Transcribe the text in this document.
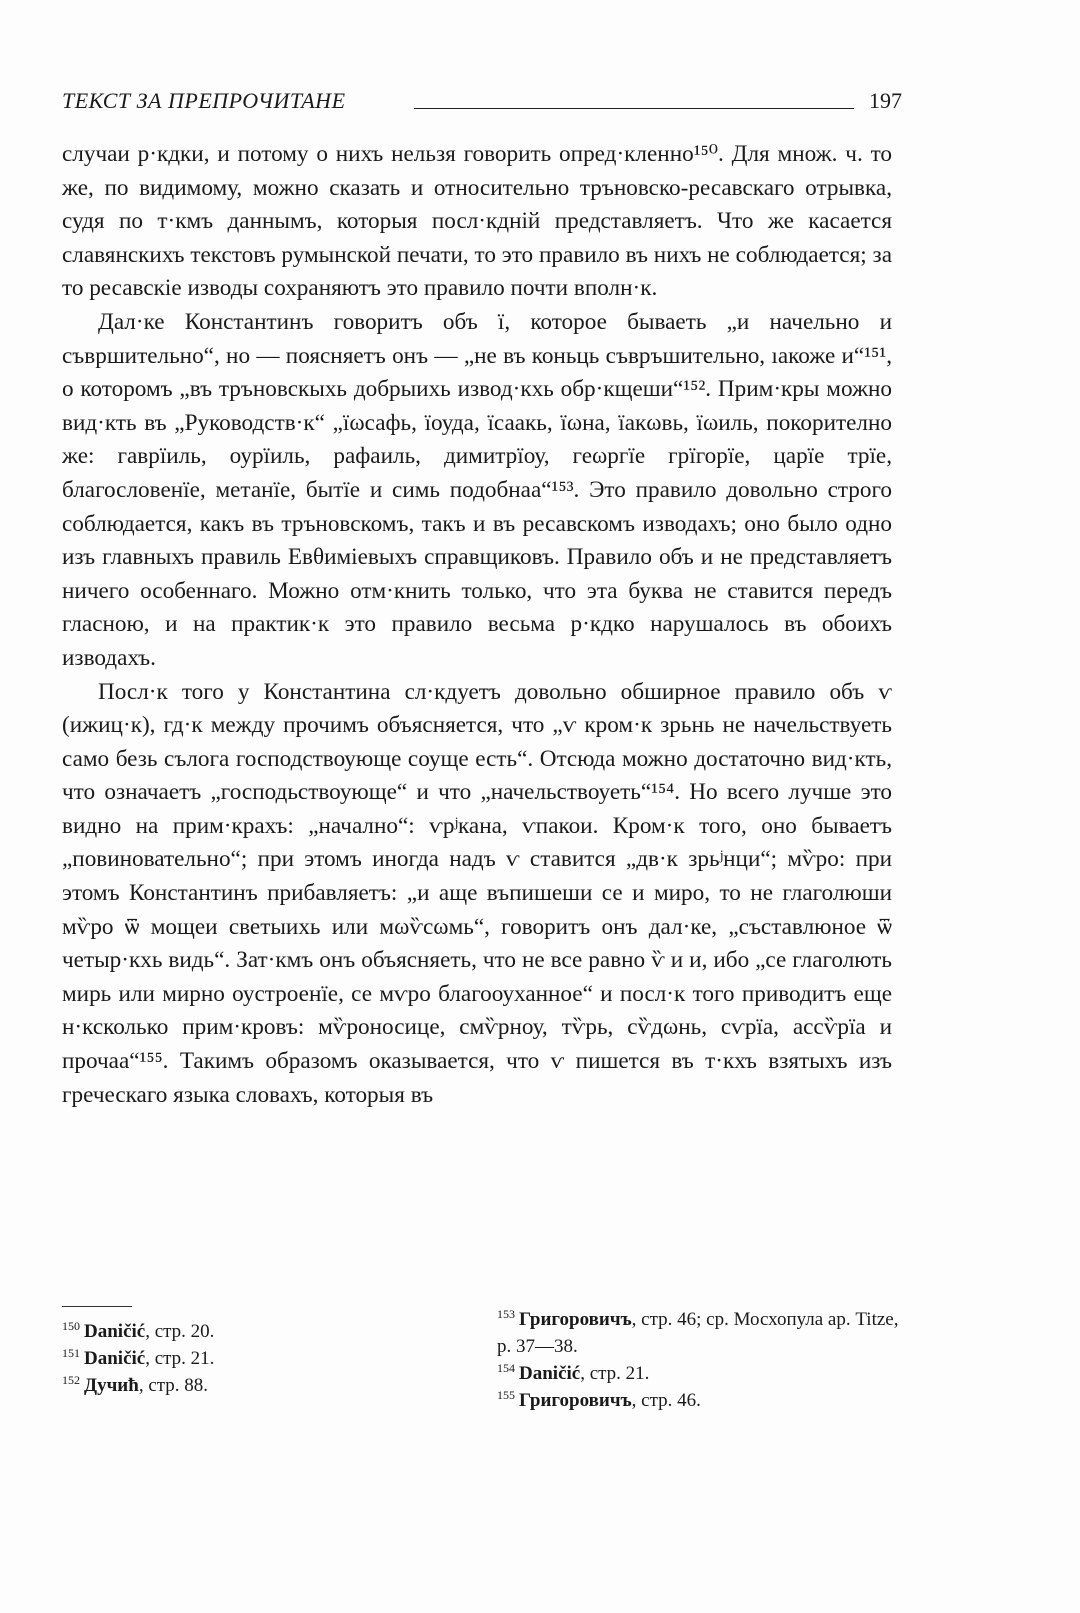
ТЕКСТ ЗА ПРЕПРОЧИТАНЕ	197

случаи р·кдки, и потому о нихъ нельзя говорить опред·кленно¹⁵⁰. Для множ. ч. то же, по видимому, можно сказать и относительно тръновско-ресавскаго отрывка, судя по т·кмъ даннымъ, которыя посл·кднiй представляетъ. Что же касается славянскихъ текстовъ румынской печати, то это правило въ нихъ не соблюдается; за то ресавскiе изводы сохраняютъ это правило почти вполн·к.

Дал·ке Константинъ говоритъ объ ï, которое бываеть „и начельно и съвршительно“, но — поясняетъ онъ — „не въ коньць съвръшительно, ıакоже и“¹⁵¹, о которомъ „въ тръновскыхь добрыихь извод·кхь обр·кщеши“¹⁵². Прим·кры можно вид·кть въ „Руководств·к“ „ïωсафь, ïоуда, ïсаакь, ïωна, ïакωвь, ïωиль, покорително же: гаврïиль, оурïиль, рафаиль, димитрïоу, геωргïе грïгорïе, царïе трïе, благословенïе, метанïе, бытïе и симь подобнаа“¹⁵³. Это правило довольно строго соблюдается, какъ въ тръновскомъ, такъ и въ ресавскомъ изводахъ; оно было одно изъ главныхъ правиль Евθимiевыхъ справщиковъ. Правило объ и не представляетъ ничего особеннаго. Можно отм·книть только, что эта буква не ставится передъ гласною, и на практик·к это правило весьма р·кдко нарушалось въ обоихъ изводахъ.

Посл·к того у Константина сл·кдуетъ довольно обширное правило объ ѵ (ижиц·к), гд·к между прочимъ объясняется, что „ѵ кром·к зрьнь не начельствуеть само безь сълога господствоующе соуще есть“. Отсюда можно достаточно вид·кть, что означаетъ „господьствоующе“ и что „начельствоуеть“¹⁵⁴. Но всего лучше это видно на прим·крахъ: „начално“: ѵрʲкана, ѵпакои. Кром·к того, оно бываетъ „повиновательно“; при этомъ иногда надъ ѵ ставится „дв·к зрьʲнци“; мѷро: при этомъ Константинъ прибавляетъ: „и аще въпишеши се и миро, то не глаголюши мѷро ѿ мощеи светыихь или мωѷсωмь“, говоритъ онъ дал·ке, „съставлюное ѿ четыр·кхь видь“. Зат·кмъ онъ объясняеть, что не все равно ѷ и и, ибо „се глаголють мирь или мирно оустроенïе, се мѵро благооуханное“ и посл·к того приводитъ еще н·ксколько прим·кровъ: мѷроносице, смѷрноу, тѷрь, сѷдωнь, сѵрïа, ассѷрïа и прочаа“¹⁵⁵. Такимъ образомъ оказывается, что ѵ пишется въ т·кхъ взятыхъ изъ греческаго языка словахъ, которыя въ

$^{150}$ Daničić, стр. 20.

$^{151}$ Daničić, стр. 21.

$^{152}$ Дучић, стр. 88.

$^{153}$ Григоровичъ, стр. 46; ср. Мосхопула ар. Titze, p. 37—38.

$^{154}$ Daničić, стр. 21.

$^{155}$ Григоровичъ, стр. 46.
